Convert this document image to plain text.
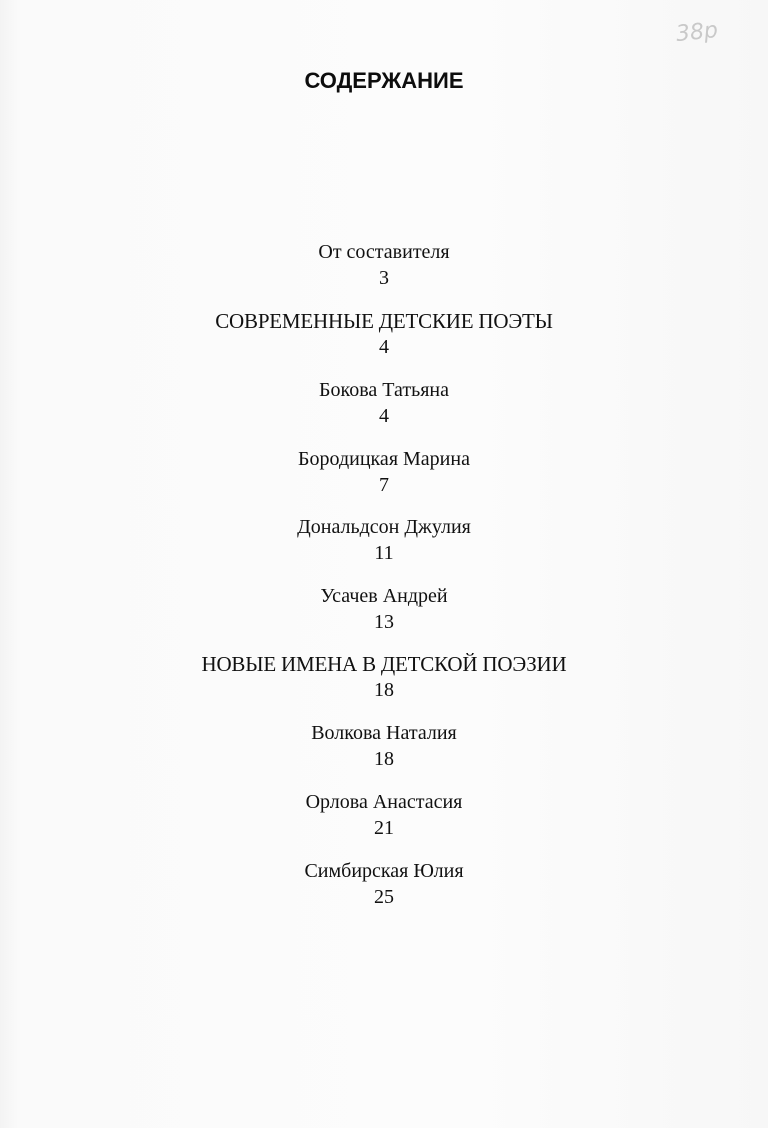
38р
СОДЕРЖАНИЕ
От составителя
3
СОВРЕМЕННЫЕ ДЕТСКИЕ ПОЭТЫ
4
Бокова Татьяна
4
Бородицкая Марина
7
Дональдсон Джулия
11
Усачев Андрей
13
НОВЫЕ ИМЕНА В ДЕТСКОЙ ПОЭЗИИ
18
Волкова Наталия
18
Орлова Анастасия
21
Симбирская Юлия
25
